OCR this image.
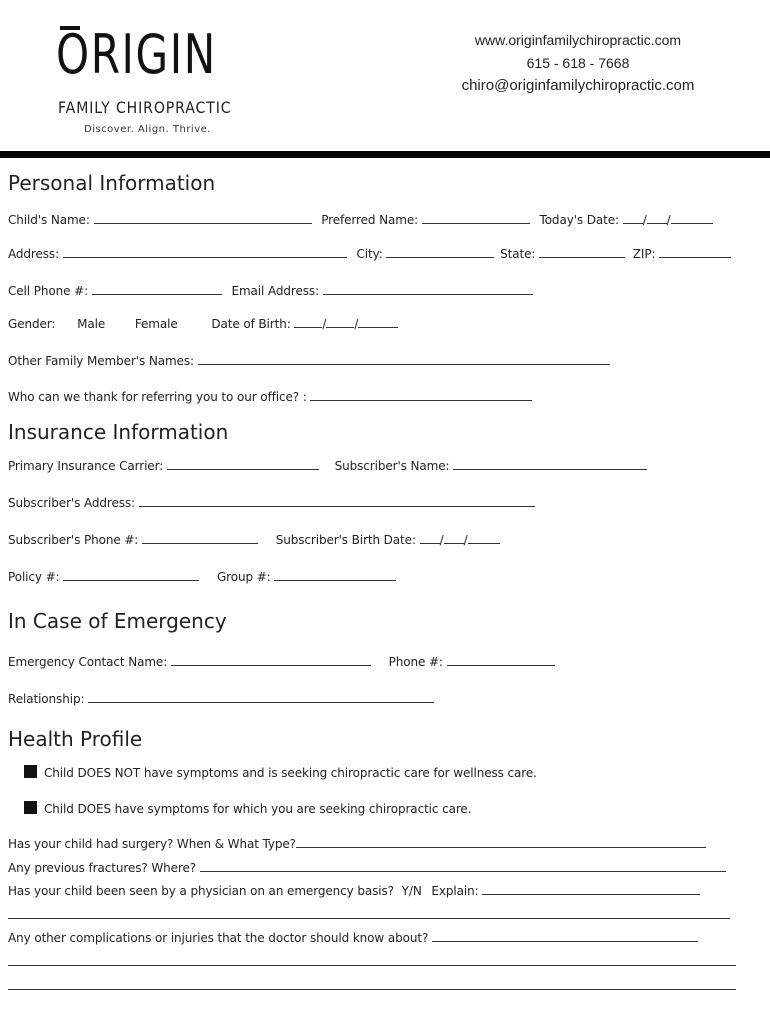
ORIGIN
FAMILY CHIROPRACTIC
Discover. Align. Thrive.
www.originfamilychiropractic.com
615 - 618 - 7668
chiro@originfamilychiropractic.com
Personal Information
Child's Name:	Preferred Name:	Today's Date: / /
Address:	City:	State:	ZIP:
Cell Phone #:	Email Address:
Gender: Male Female	Date of Birth:	/ /
Other Family Member's Names:
Who can we thank for referring you to our office? :
Insurance Information
Primary Insurance Carrier:	Subscriber's Name:
Subscriber's Address:
Subscriber's Phone #:	Subscriber's Birth Date: / /
Policy #:	Group #:
In Case of Emergency
Emergency Contact Name:	Phone #:
Relationship:
Health Profile
Child DOES NOT have symptoms and is seeking chiropractic care for wellness care.
Child DOES have symptoms for which you are seeking chiropractic care.
Has your child had surgery? When & What Type?
Any previous fractures? Where?
Has your child been seen by a physician on an emergency basis? Y/N Explain:
Any other complications or injuries that the doctor should know about?
